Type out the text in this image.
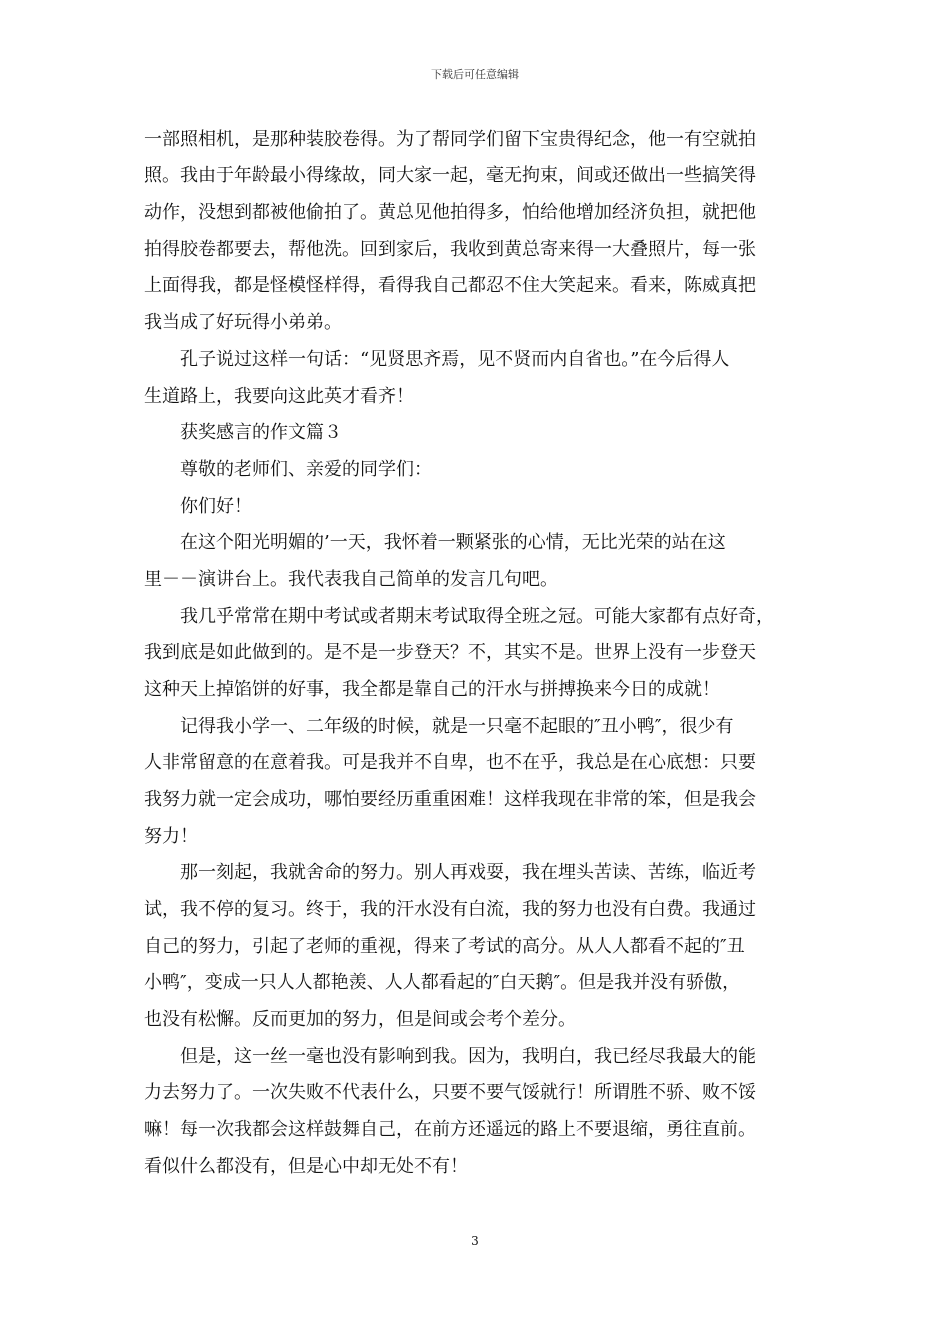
下载后可任意编辑
一部照相机，是那种装胶卷得。为了帮同学们留下宝贵得纪念，他一有空就拍
照。我由于年龄最小得缘故，同大家一起，毫无拘束，间或还做出一些搞笑得
动作，没想到都被他偷拍了。黄总见他拍得多，怕给他增加经济负担，就把他
拍得胶卷都要去，帮他洗。回到家后，我收到黄总寄来得一大叠照片，每一张
上面得我，都是怪模怪样得，看得我自己都忍不住大笑起来。看来，陈威真把
我当成了好玩得小弟弟。
孔子说过这样一句话：“见贤思齐焉，见不贤而内自省也。”在今后得人
生道路上，我要向这此英才看齐！
获奖感言的作文篇３
尊敬的老师们、亲爱的同学们：
你们好！
在这个阳光明媚的’一天，我怀着一颗紧张的心情，无比光荣的站在这
里－－演讲台上。我代表我自己简单的发言几句吧。
我几乎常常在期中考试或者期末考试取得全班之冠。可能大家都有点好奇，
我到底是如此做到的。是不是一步登天？不，其实不是。世界上没有一步登天
这种天上掉馅饼的好事，我全都是靠自己的汗水与拼搏换来今日的成就！
记得我小学一、二年级的时候，就是一只毫不起眼的″丑小鸭″，很少有
人非常留意的在意着我。可是我并不自卑，也不在乎，我总是在心底想：只要
我努力就一定会成功，哪怕要经历重重困难！这样我现在非常的笨，但是我会
努力！
那一刻起，我就舍命的努力。别人再戏耍，我在埋头苦读、苦练，临近考
试，我不停的复习。终于，我的汗水没有白流，我的努力也没有白费。我通过
自己的努力，引起了老师的重视，得来了考试的高分。从人人都看不起的″丑
小鸭″，变成一只人人都艳羡、人人都看起的″白天鹅″。但是我并没有骄傲，
也没有松懈。反而更加的努力，但是间或会考个差分。
但是，这一丝一毫也没有影响到我。因为，我明白，我已经尽我最大的能
力去努力了。一次失败不代表什么，只要不要气馁就行！所谓胜不骄、败不馁
嘛！每一次我都会这样鼓舞自己，在前方还遥远的路上不要退缩，勇往直前。
看似什么都没有，但是心中却无处不有！
3
